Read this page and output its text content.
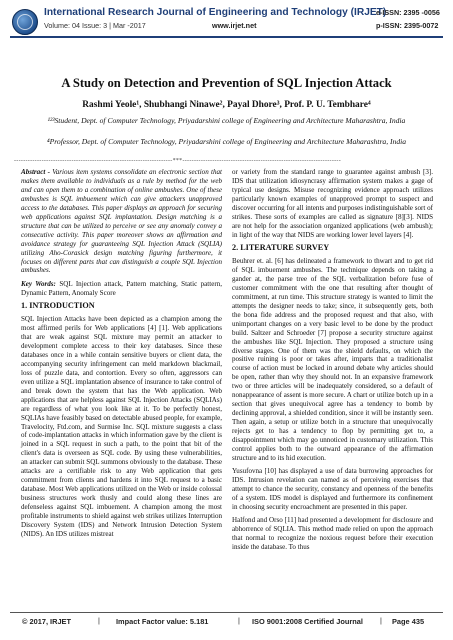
International Research Journal of Engineering and Technology (IRJET)
Volume: 04 Issue: 3 | Mar -2017	www.irjet.net
e-ISSN: 2395 -0056
p-ISSN: 2395-0072
A Study on Detection and Prevention of SQL Injection Attack
Rashmi Yeole¹, Shubhangi Ninawe², Payal Dhore³, Prof. P. U. Tembhare⁴
¹²³Student, Dept. of Computer Technology, Priyadarshini college of Engineering and Architecture Maharashtra, India
⁴Professor, Dept. of Computer Technology, Priyadarshini college of Engineering and Architecture Maharashtra, India
---------------------------------------------------------------------***---------------------------------------------------------------------

Abstract - Various item systems consolidate an electronic section that makes them available to individuals as a rule by method for the web and can open them to a combination of online ambushes. One of these ambushes is SQL imbuement which can give attackers unapproved access to the databases. This paper displays an approach for securing web applications against SQL implantation. Design matching is a structure that can be utilized to perceive or see any anomaly convey a consecutive activity. This paper moreover shows an affirmation and avoidance strategy for guaranteeing SQL Injection Attack (SQLIA) utilizing Aho-Corasick design matching figuring furthermore, it focuses on different parts that can distinguish a couple SQL Injection ambushes.

Key Words: SQL Injection attack, Pattern matching, Static pattern, Dynamic Pattern, Anomaly Score

1. INTRODUCTION

SQL Injection Attacks have been depicted as a champion among the most affirmed perils for Web applications [4] [1]. Web applications that are weak against SQL mixture may permit an attacker to development complete access to their key databases. Since these databases once in a while contain sensitive buyers or client data, the accompanying security infringement can meld markdown blackmail, loss of puzzle data, and contortion. Every so often, aggressors can even utilize a SQL implantation absence of insurance to take control of and break down the system that has the Web application. Web applications that are helpless against SQL Injection Attacks (SQLIAs) are regardless of what you look like at it. To be perfectly honest, SQLIAs have feasibly based on detectable abused people, for example, Travelocity, Ftd.com, and Surmise Inc. SQL mixture suggests a class of code-implantation attacks in which information gave by the client is joined in a SQL request in such a path, to the point that bit of the client's data is overseen as SQL code. By using these vulnerabilities, an attacker can submit SQL summons obviously to the database. These attacks are a certifiable risk to any Web application that gets commitment from clients and hardens it into SQL request to a basic database. Most Web applications utilized on the Web or inside colossal business structures work thusly and could along these lines are defenseless against SQL imbuement. A champion among the most profitable instruments to shield against web strikes utilizes Interruption Discovery System (IDS) and Network Intrusion Detection System (NIDS). An IDS utilizes mistreat

or variety from the standard range to guarantee against ambush [3]. IDS that utilization idiosyncrasy affirmation system makes a gage of typical use designs. Misuse recognizing evidence approach utilizes particularly known examples of unapproved prompt to suspect and discover occurring for all intents and purposes indistinguishable sort of strikes. These sorts of examples are called as signature [8][3]. NIDS are not help for the association organized applications (web ambush); in light of the way that NIDS are working lower level layers [4].

2. LITERATURE SURVEY

Beuhrer et. al. [6] has delineated a framework to thwart and to get rid of SQL imbuement ambushes. The technique depends on taking a gander at, the parse tree of the SQL verbalization before fuse of customer commitment with the one that resulting after thought of commitment, at run time. This structure strategy is wanted to limit the attempts the designer needs to take; since, it subsequently gets, both the bona fide address and the proposed request and that also, with unimportant changes on a very basic level to be done by the product build. Saltzer and Schroeder [7] propose a security structure against the ambushes like SQL Injection. They proposed a structure using diverse stages. One of them was the shield defaults, on which the positive ruining is poor or takes after, imparts that a traditionalist course of action must be locked in around debate why articles should be open, rather than why they should not. In an expansive framework two or three articles will be inadequately considered, so a default of nonappearance of assent is more secure. A chart or utilize botch up in a section that gives unequivocal agree has a tendency to bomb by declining approval, a shielded condition, since it will be instantly seen. Then again, a setup or utilize botch in a structure that unequivocally rejects get to has a tendency to flop by permitting get to, a disappointment which may go unnoticed in customary utilization. This control applies both to the outward appearance of the affirmation structure and to its hid execution.

Yusufovna [10] has displayed a use of data burrowing approaches for IDS. Intrusion revelation can named as of perceiving exercises that attempt to chance the security, constancy and openness of the benefits of a system. IDS model is displayed and furthermore its confinement in choosing security encroachment are presented in this paper.

Halfond and Orso [11] had presented a development for disclosure and abhorrence of SQLIA. This method made relied on upon the approach that normal to recognize the noxious request before their execution inside the database. To thus

© 2017, IRJET	| Impact Factor value: 5.181	| ISO 9001:2008 Certified Journal | Page 435
